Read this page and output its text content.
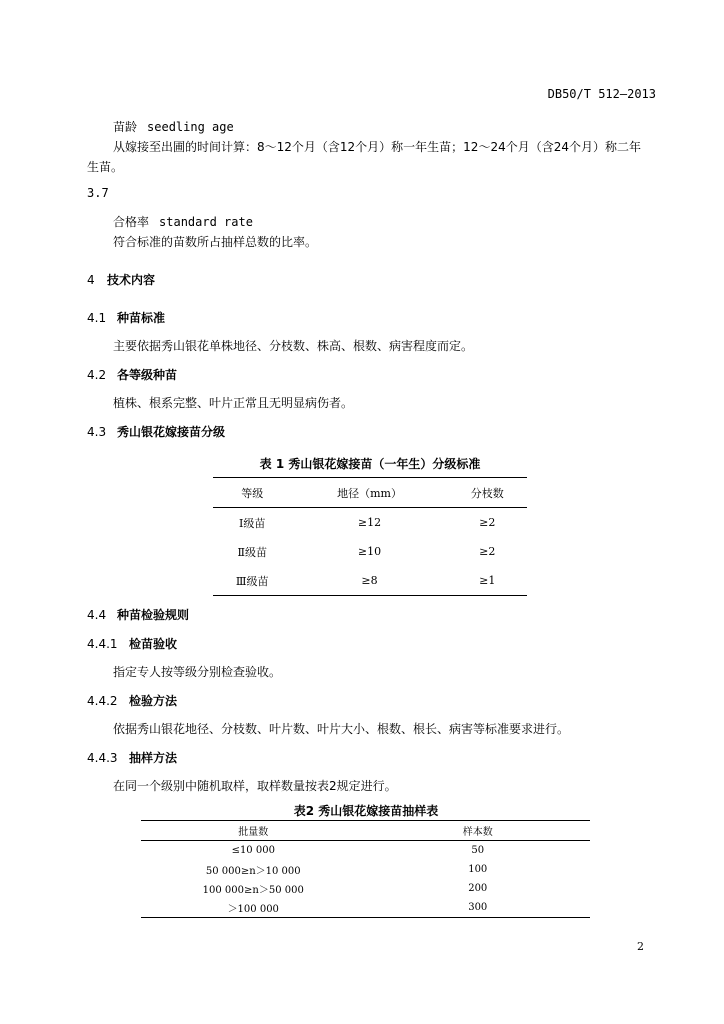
DB50/T 512—2013
苗龄 seedling age
从嫁接至出圃的时间计算：8～12个月（含12个月）称一年生苗；12～24个月（含24个月）称二年
生苗。
3.7
合格率 standard rate
符合标准的苗数所占抽样总数的比率。
4 技术内容
4.1 种苗标准
主要依据秀山银花单株地径、分枝数、株高、根数、病害程度而定。
4.2 各等级种苗
植株、根系完整、叶片正常且无明显病伤者。
4.3 秀山银花嫁接苗分级
表 1 秀山银花嫁接苗（一年生）分级标准
等级	地径（mm）	分枝数
Ⅰ级苗	≥12	≥2
Ⅱ级苗	≥10	≥2
Ⅲ级苗	≥8	≥1
4.4 种苗检验规则
4.4.1 检苗验收
指定专人按等级分别检查验收。
4.4.2 检验方法
依据秀山银花地径、分枝数、叶片数、叶片大小、根数、根长、病害等标准要求进行。
4.4.3 抽样方法
在同一个级别中随机取样，取样数量按表2规定进行。
表2 秀山银花嫁接苗抽样表
批量数	样本数
≤10 000	50
50 000≥n＞10 000	100
100 000≥n＞50 000	200
＞100 000	300
2
